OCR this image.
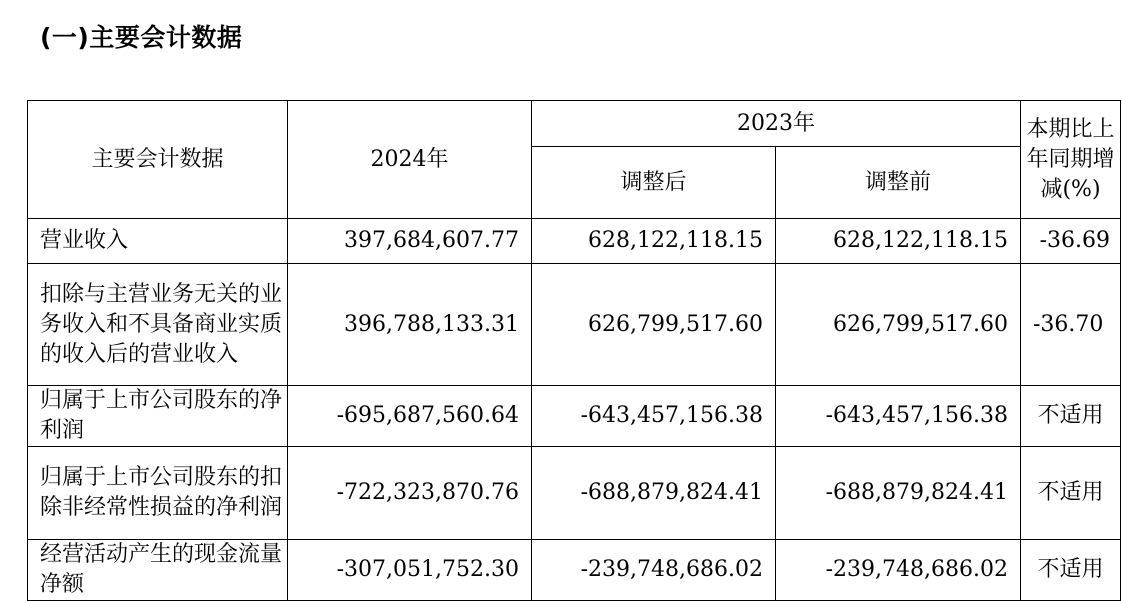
(一)主要会计数据
主要会计数据	2024年	2023年		本期比上年同期增减(%)
		调整后	调整前	
营业收入	397,684,607.77	628,122,118.15	628,122,118.15	-36.69
扣除与主营业务无关的业务收入和不具备商业实质的收入后的营业收入	396,788,133.31	626,799,517.60	626,799,517.60	-36.70
归属于上市公司股东的净利润	-695,687,560.64	-643,457,156.38	-643,457,156.38	不适用
归属于上市公司股东的扣除非经常性损益的净利润	-722,323,870.76	-688,879,824.41	-688,879,824.41	不适用
经营活动产生的现金流量净额	-307,051,752.30	-239,748,686.02	-239,748,686.02	不适用
